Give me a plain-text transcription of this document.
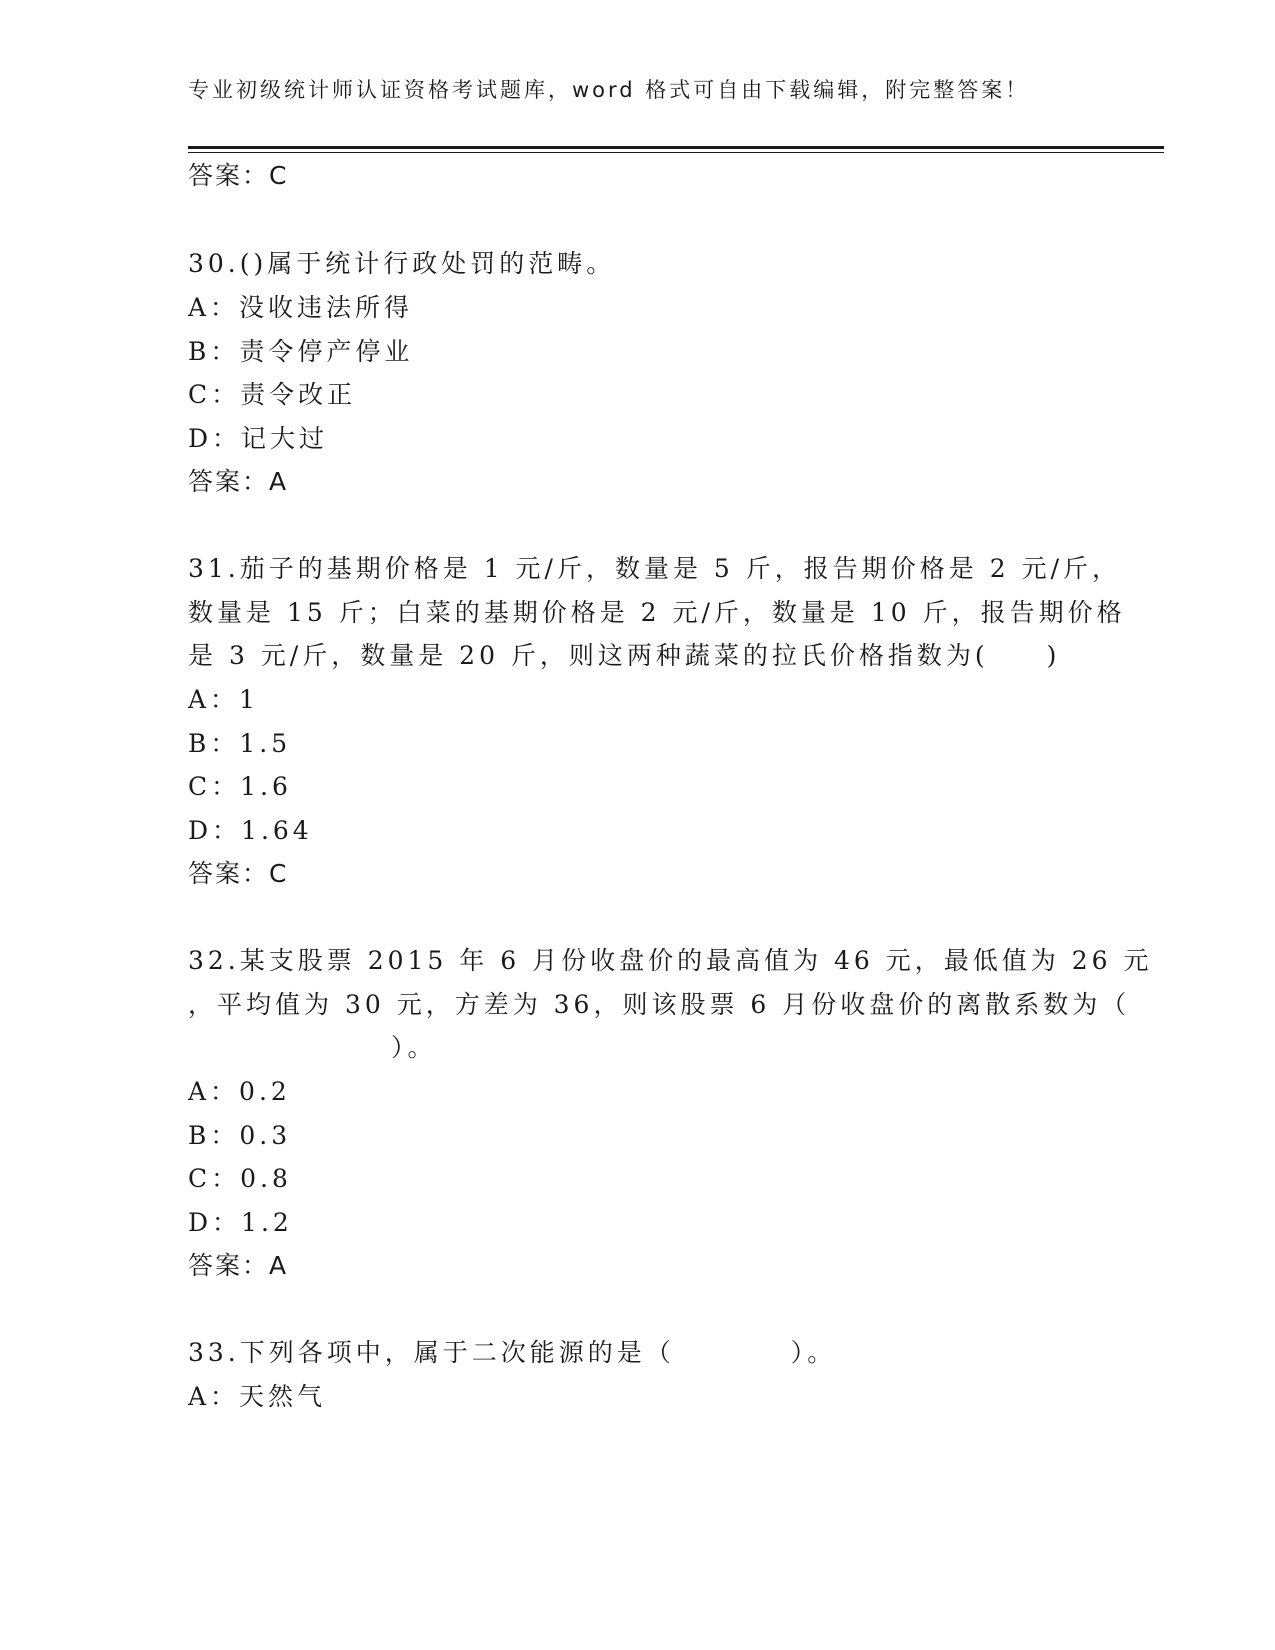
专业初级统计师认证资格考试题库，word 格式可自由下载编辑，附完整答案！
答案：C
30.()属于统计行政处罚的范畴。
A：没收违法所得
B：责令停产停业
C：责令改正
D：记大过
答案：A
31.茄子的基期价格是 1 元/斤，数量是 5 斤，报告期价格是 2 元/斤，
数量是 15 斤；白菜的基期价格是 2 元/斤，数量是 10 斤，报告期价格
是 3 元/斤，数量是 20 斤，则这两种蔬菜的拉氏价格指数为(　　)
A：1
B：1.5
C：1.6
D：1.64
答案：C
32.某支股票 2015 年 6 月份收盘价的最高值为 46 元，最低值为 26 元
，平均值为 30 元，方差为 36，则该股票 6 月份收盘价的离散系数为（
　　　　　　　）。
A：0.2
B：0.3
C：0.8
D：1.2
答案：A
33.下列各项中，属于二次能源的是（　　　　）。
A：天然气
